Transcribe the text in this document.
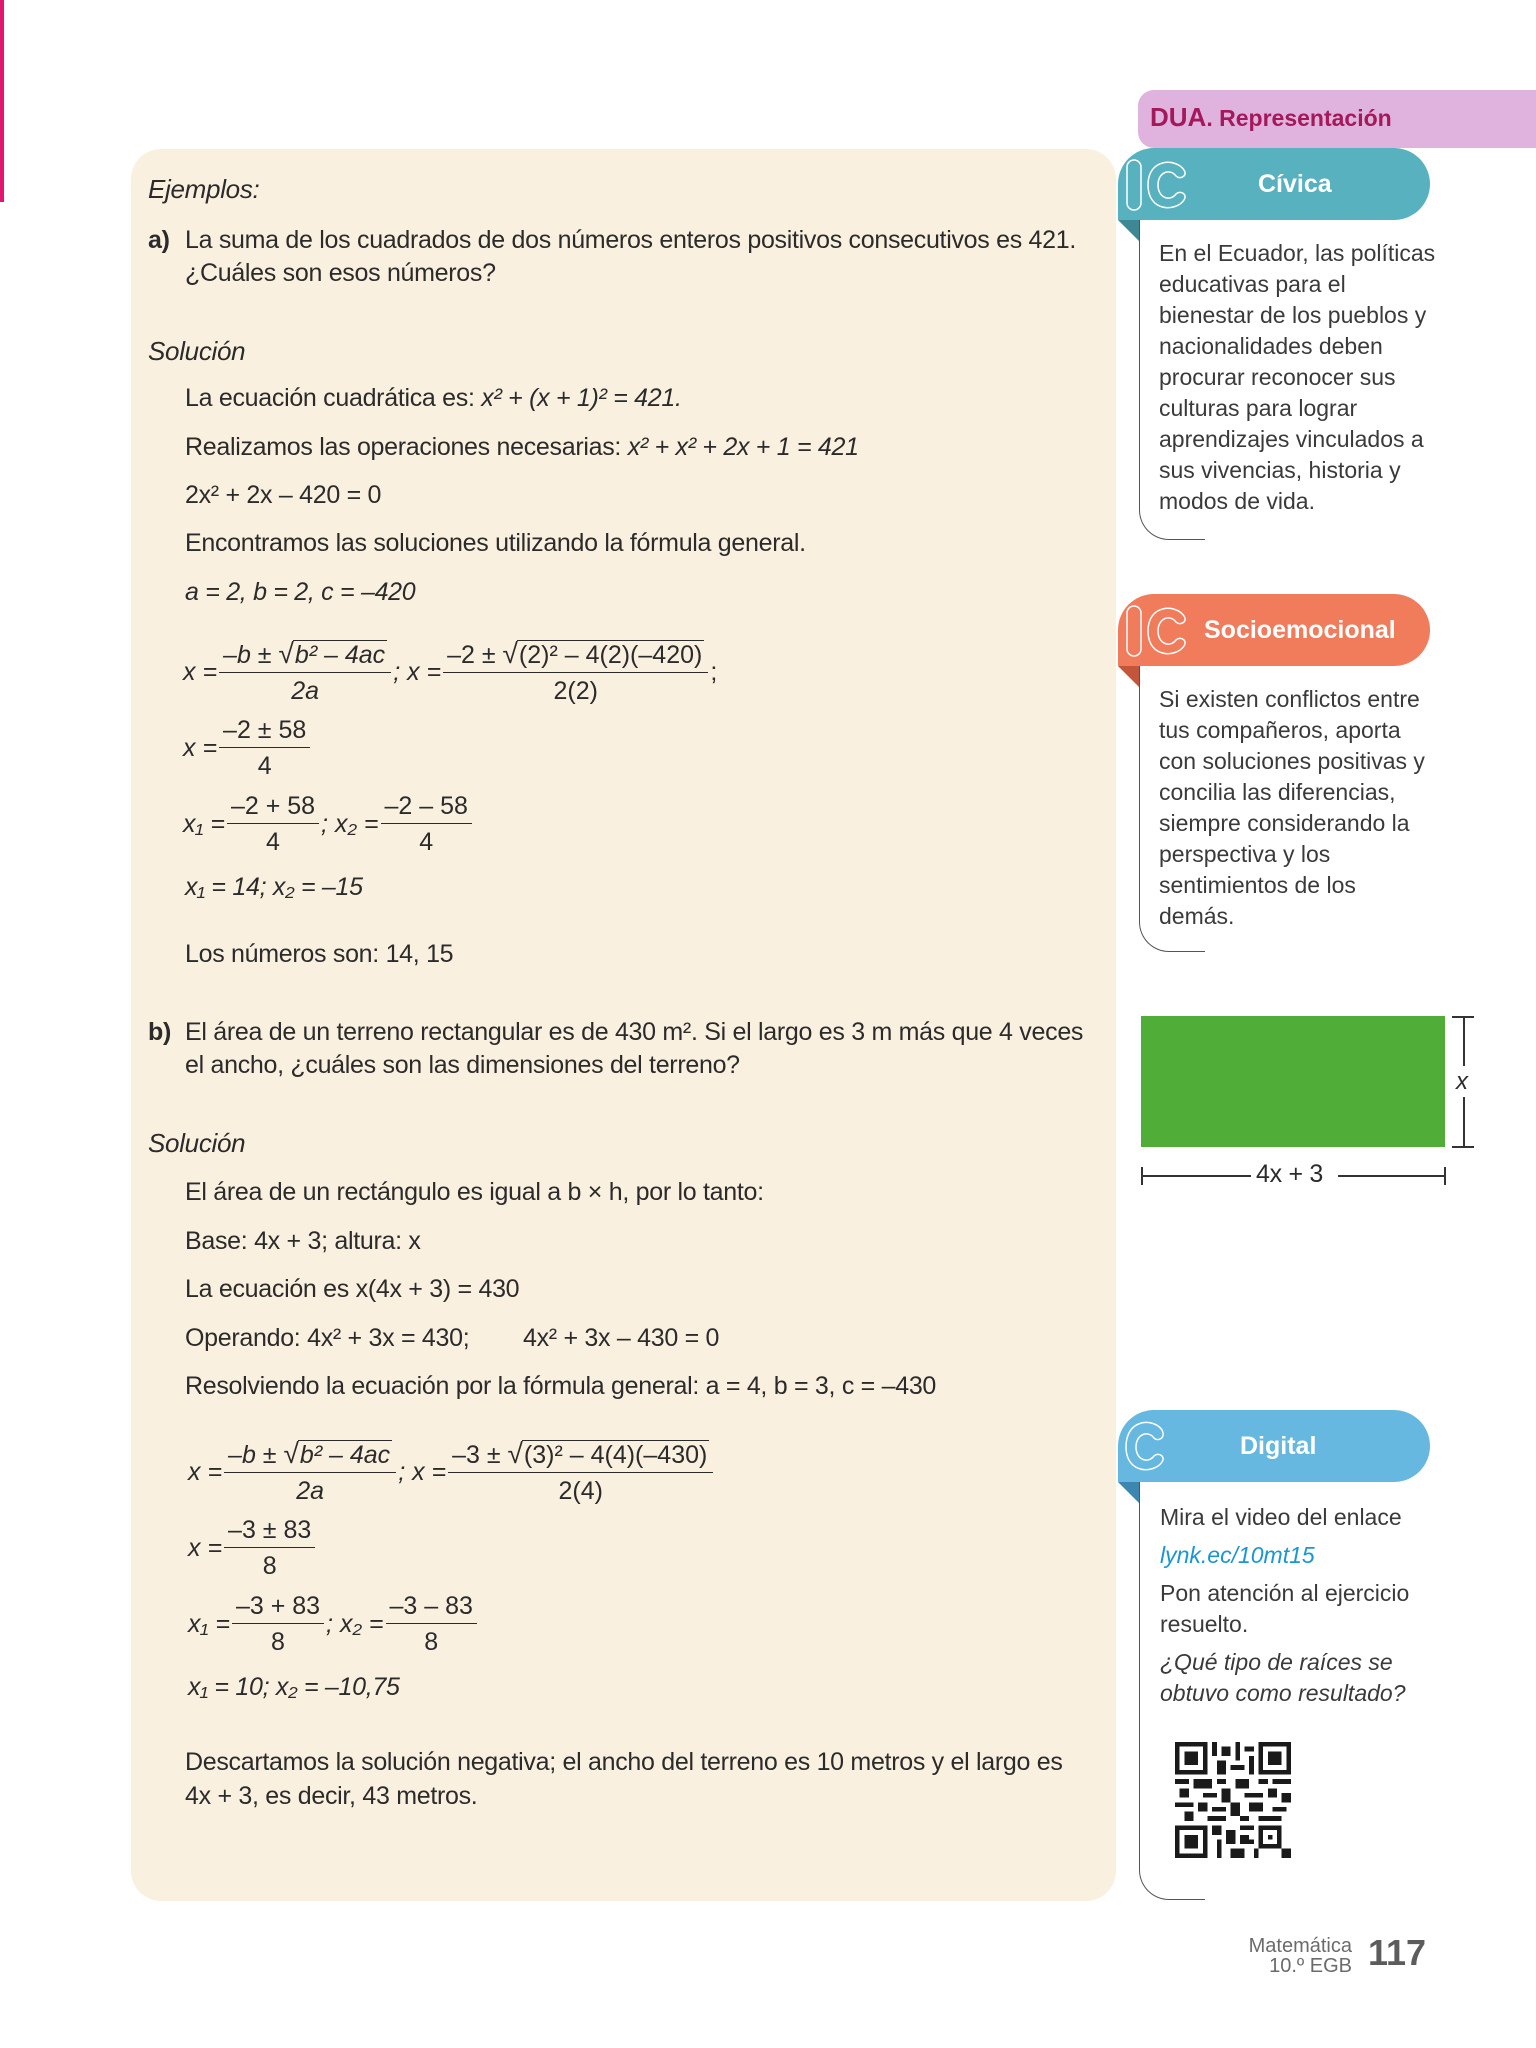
Ejemplos:
a) La suma de los cuadrados de dos números enteros positivos consecutivos es 421.
¿Cuáles son esos números?
Solución
La ecuación cuadrática es: x² + (x + 1)² = 421.
Realizamos las operaciones necesarias: x² + x² + 2x + 1 = 421
2x² + 2x – 420 = 0
Encontramos las soluciones utilizando la fórmula general.
a = 2, b = 2, c = –420
$x = \frac{\text{–b ± √b² – 4ac}}{2a}$ ; $x = \frac{\text{–2 ± √(2)² – 4(2)(–420)}}{2(2)}$ ;
$x = \frac{-2 \pm 58}{4}$
$x_1 = \frac{-2 + 58}{4}$ ; $x_2 = \frac{-2 - 58}{4}$
x₁ = 14; x₂ = –15
Los números son: 14, 15
b) El área de un terreno rectangular es de 430 m². Si el largo es 3 m más que 4 veces
el ancho, ¿cuáles son las dimensiones del terreno?
Solución
El área de un rectángulo es igual a b × h, por lo tanto:
Base: 4x + 3; altura: x
La ecuación es x(4x + 3) = 430
Operando: 4x² + 3x = 430; 4x² + 3x – 430 = 0
Resolviendo la ecuación por la fórmula general: a = 4, b = 3, c = –430
$x = \frac{\text{–b ± √b² – 4ac}}{2a}$ ; $x = \frac{\text{–3 ± √(3)² – 4(4)(–430)}}{2(4)}$
$x = \frac{-3 \pm 83}{8}$
$x_1 = \frac{-3 + 83}{8}$ ; $x_2 = \frac{-3 - 83}{8}$
x₁ = 10; x₂ = –10,75
Descartamos la solución negativa; el ancho del terreno es 10 metros y el largo es
4x + 3, es decir, 43 metros.
DUA. Representación
Cívica
En el Ecuador, las políticas
educativas para el
bienestar de los pueblos y
nacionalidades deben
procurar reconocer sus
culturas para lograr
aprendizajes vinculados a
sus vivencias, historia y
modos de vida.
Socioemocional
Si existen conflictos entre
tus compañeros, aporta
con soluciones positivas y
concilia las diferencias,
siempre considerando la
perspectiva y los
sentimientos de los
demás.
x
4x + 3
Digital
Mira el video del enlace
lynk.ec/10mt15
Pon atención al ejercicio
resuelto.
¿Qué tipo de raíces se
obtuvo como resultado?
Matemática
10.º EGB 117
